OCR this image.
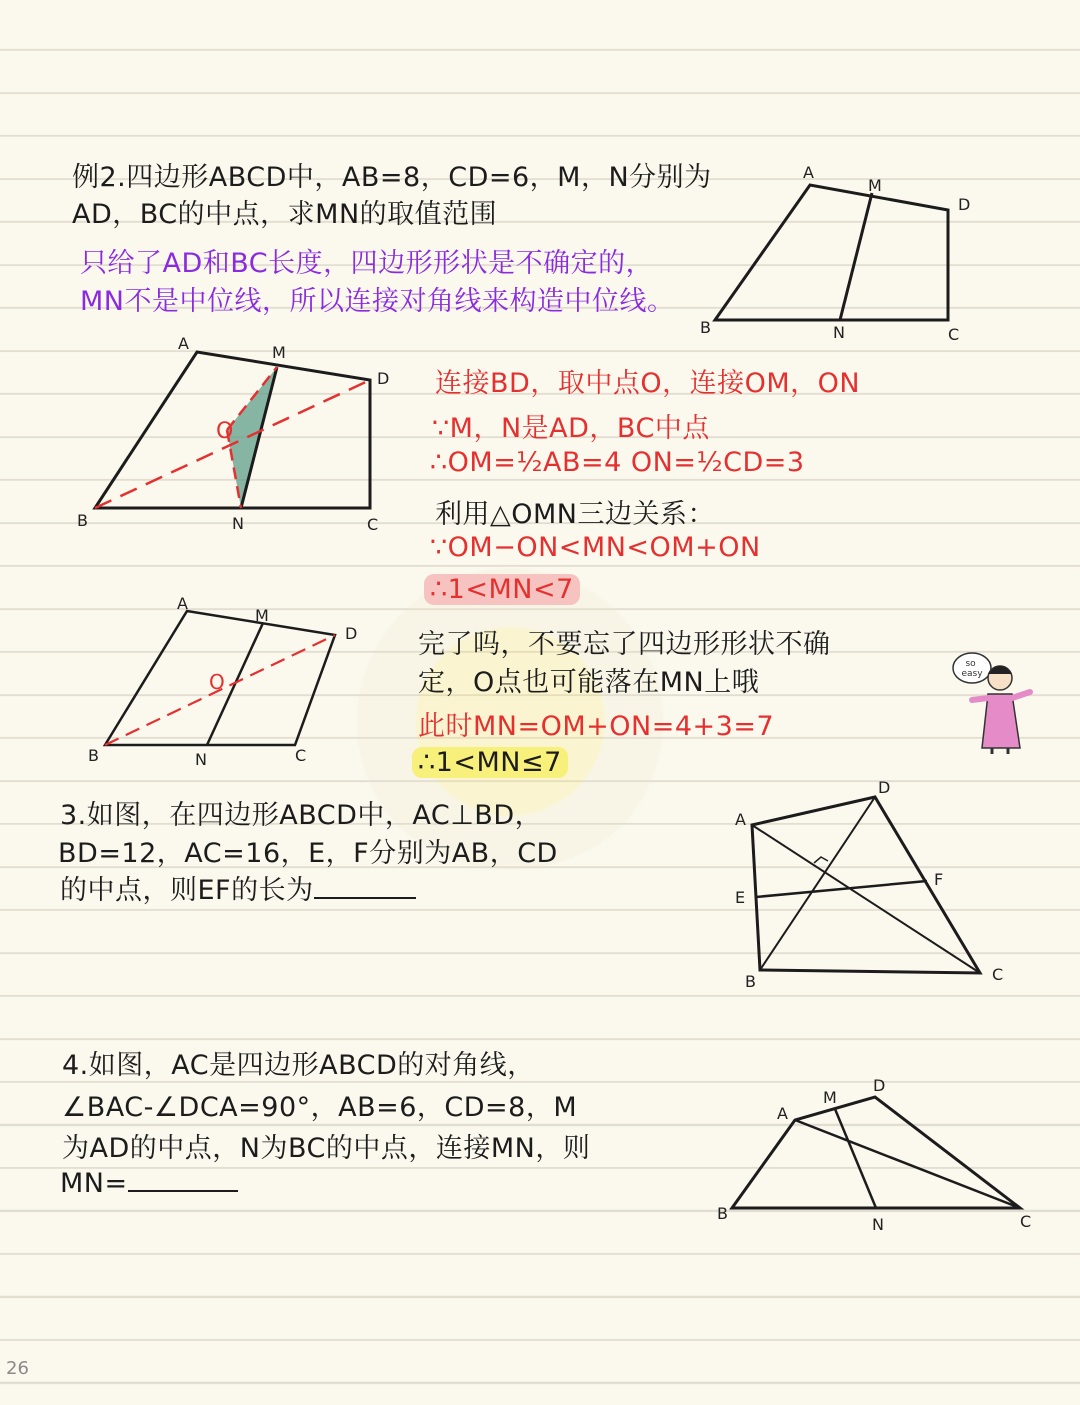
例2.四边形ABCD中，AB=8，CD=6，M，N分别为
AD，BC的中点，求MN的取值范围
只给了AD和BC长度，四边形形状是不确定的，
MN不是中位线，所以连接对角线来构造中位线。
A
M
D
B	N	C
A	M
D
O
B	N	C
连接BD，取中点O，连接OM，ON
∵M，N是AD，BC中点
∴OM=½AB=4 ON=½CD=3
利用△OMN三边关系：
∵OM−ON<MN<OM+ON
∴1<MN<7
A
M
D
O
B	N	C
完了吗，不要忘了四边形形状不确
定，O点也可能落在MN上哦
此时MN=OM+ON=4+3=7
∴1<MN≤7
so easy
3.如图，在四边形ABCD中，AC⊥BD，
BD=12，AC=16，E，F分别为AB，CD
的中点，则EF的长为
A
D
E
F
B	C
4.如图，AC是四边形ABCD的对角线，
∠BAC-∠DCA=90°，AB=6，CD=8，M
为AD的中点，N为BC的中点，连接MN，则
MN=
A
M
D
B
N	C
26
